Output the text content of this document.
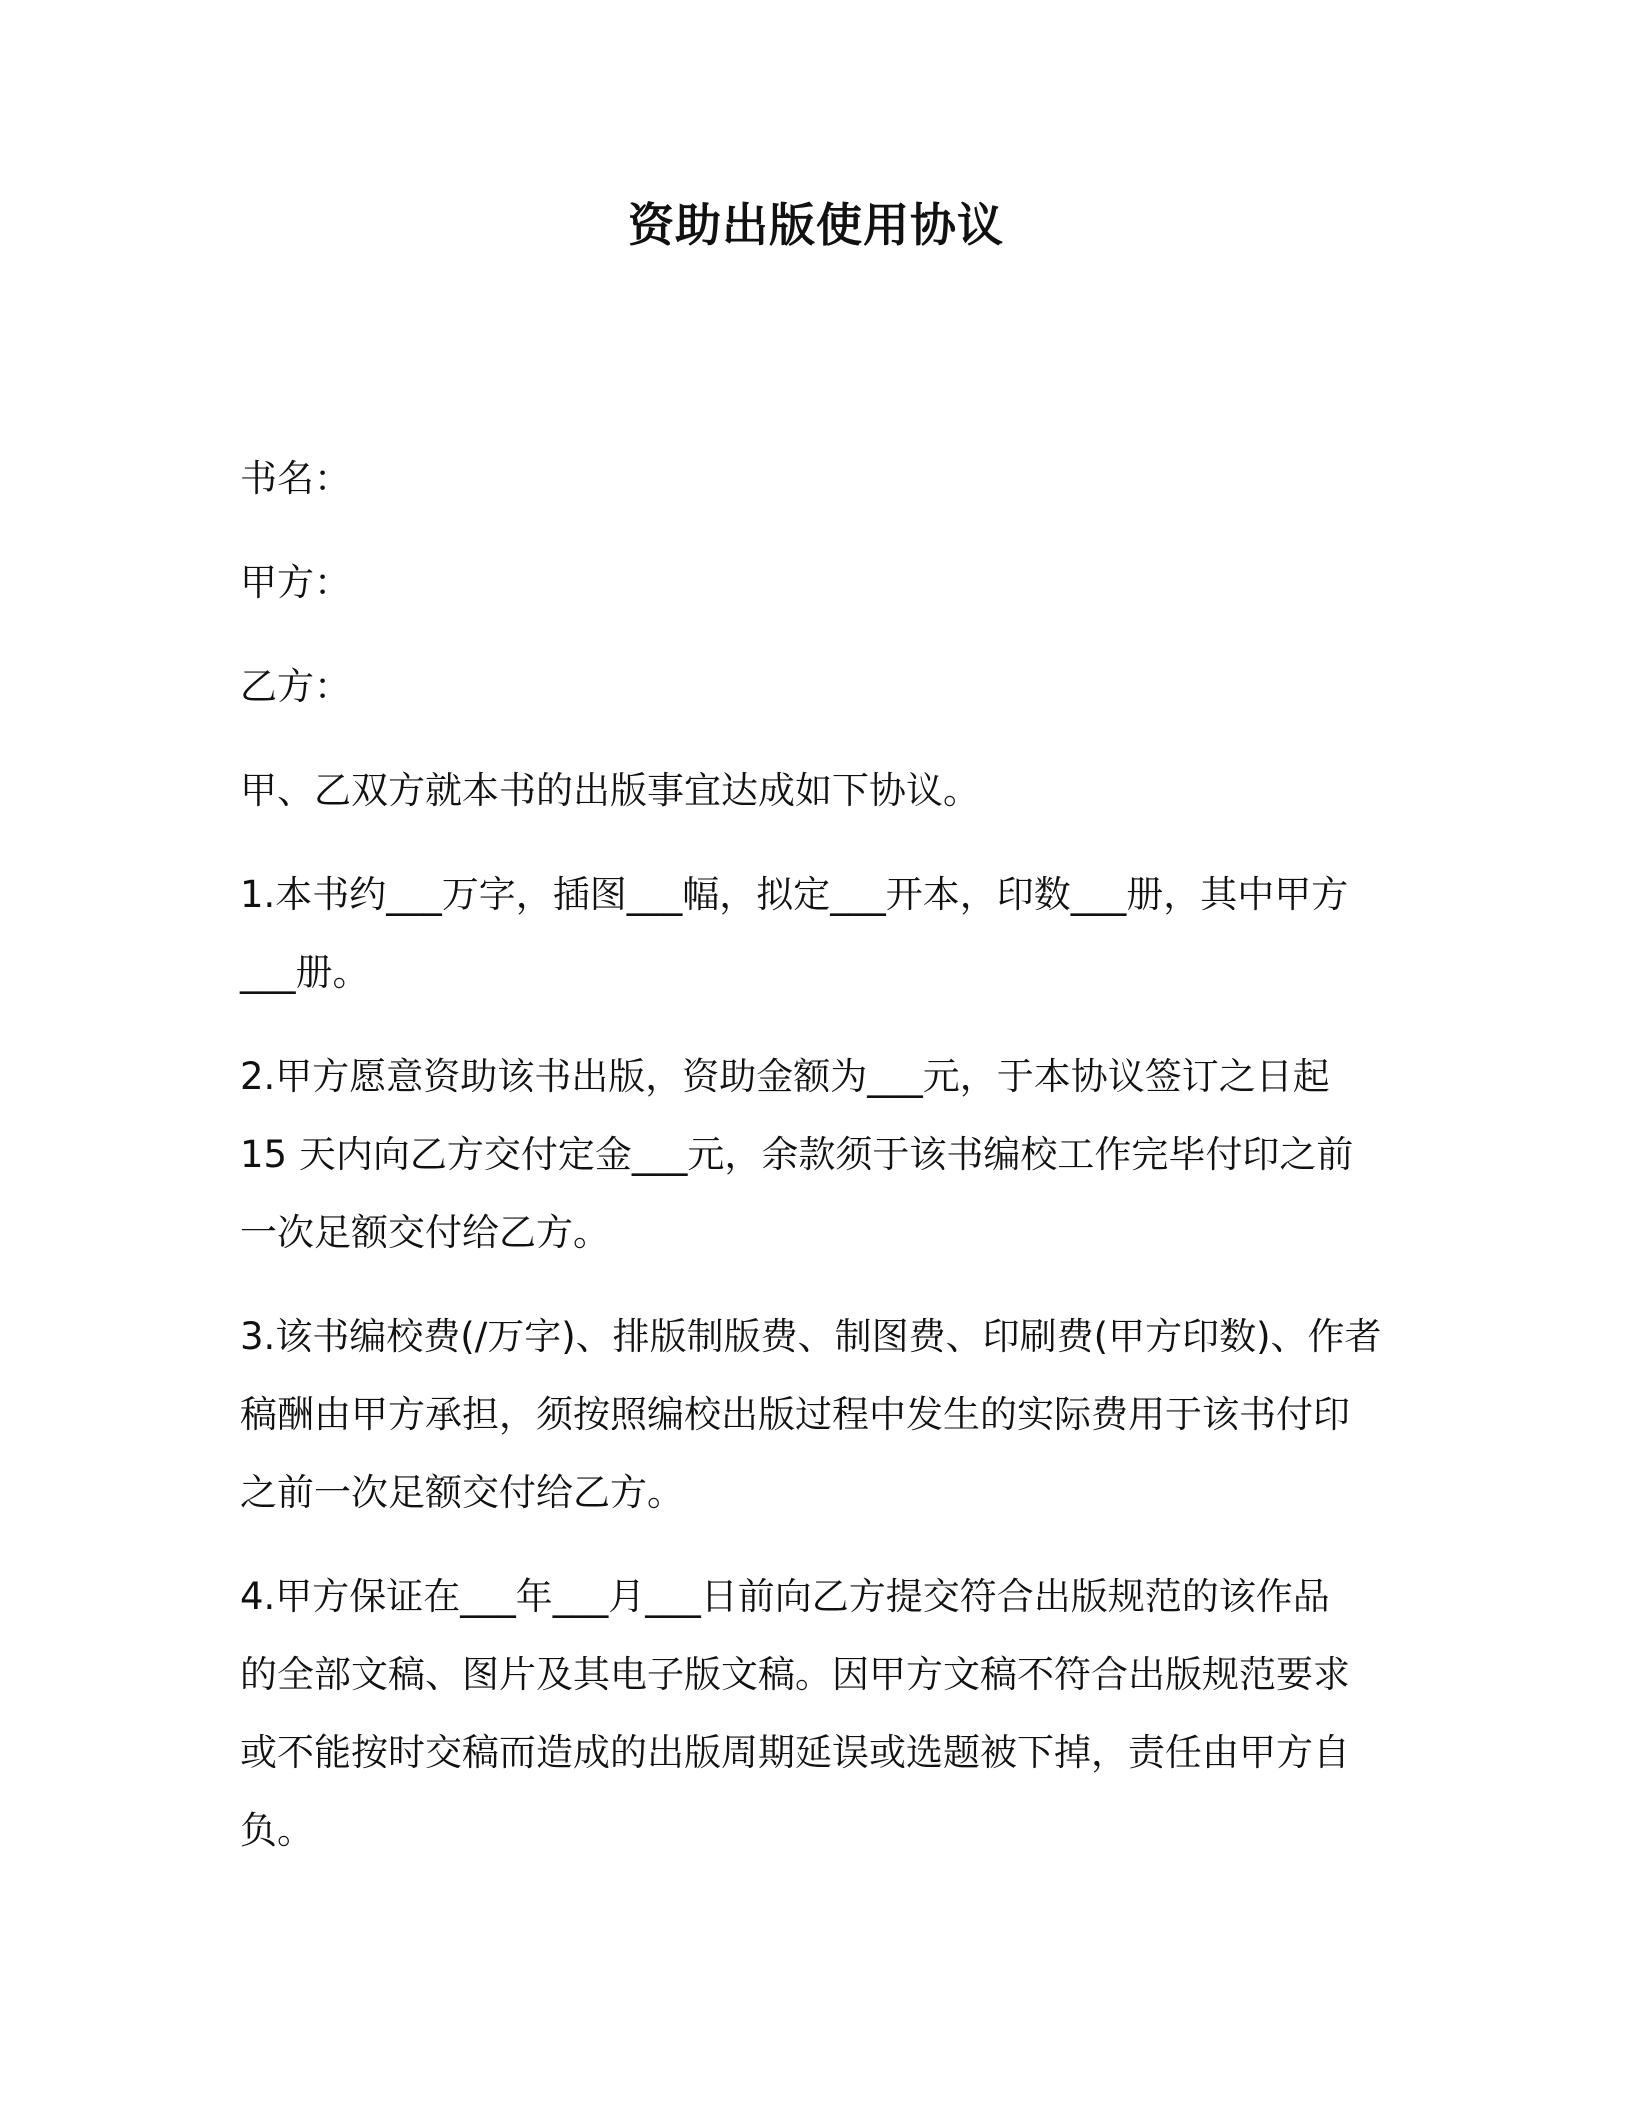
资助出版使用协议
书名：
甲方：
乙方：
甲、乙双方就本书的出版事宜达成如下协议。
1.本书约___万字，插图___幅，拟定___开本，印数___册，其中甲方
___册。
2.甲方愿意资助该书出版，资助金额为___元，于本协议签订之日起
15 天内向乙方交付定金___元，余款须于该书编校工作完毕付印之前
一次足额交付给乙方。
3.该书编校费(/万字)、排版制版费、制图费、印刷费(甲方印数)、作者
稿酬由甲方承担，须按照编校出版过程中发生的实际费用于该书付印
之前一次足额交付给乙方。
4.甲方保证在___年___月___日前向乙方提交符合出版规范的该作品
的全部文稿、图片及其电子版文稿。因甲方文稿不符合出版规范要求
或不能按时交稿而造成的出版周期延误或选题被下掉，责任由甲方自
负。
